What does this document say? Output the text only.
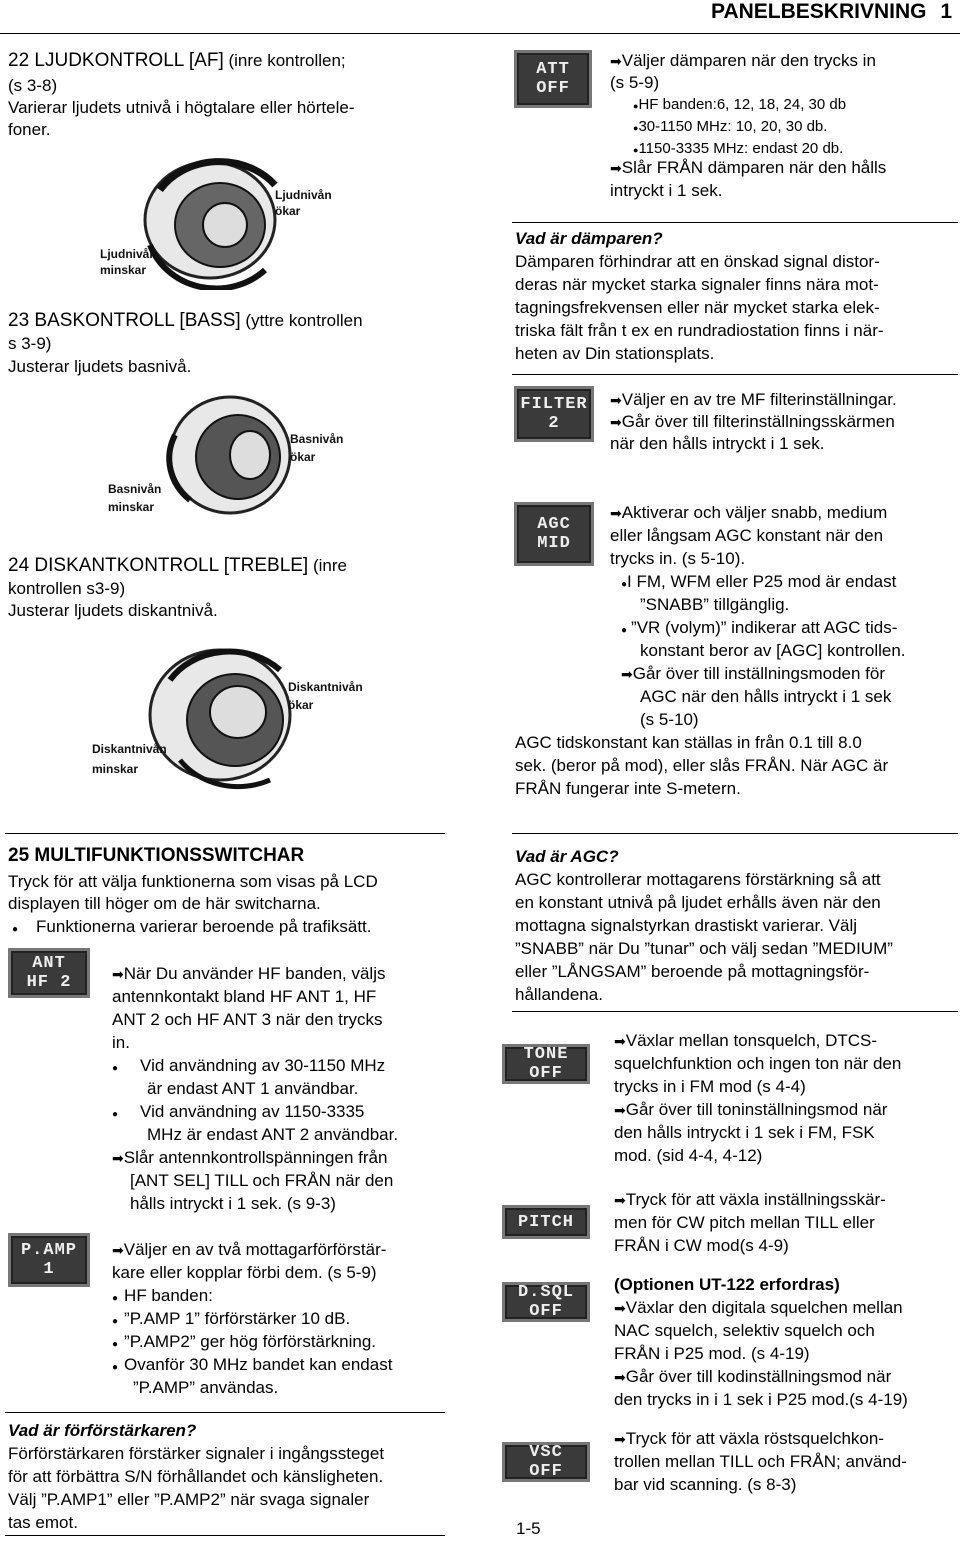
PANELBESKRIVNING 1
22 LJUDKONTROLL [AF] (inre kontrollen;
(s 3-8)
Varierar ljudets utnivå i högtalare eller hörtele-
foner.
Ljudnivån
ökar
Ljudnivån
minskar
23 BASKONTROLL [BASS] (yttre kontrollen
s 3-9)
Justerar ljudets basnivå.
Basnivån
ökar
Basnivån
minskar
24 DISKANTKONTROLL [TREBLE] (inre
kontrollen s3-9)
Justerar ljudets diskantnivå.
Diskantnivån
ökar
Diskantnivån
minskar
25 MULTIFUNKTIONSSWITCHAR
Tryck för att välja funktionerna som visas på LCD
displayen till höger om de här switcharna.
● Funktionerna varierar beroende på trafiksätt.
ANT
HF 2	➡När Du använder HF banden, väljs
antennkontakt bland HF ANT 1, HF
ANT 2 och HF ANT 3 när den trycks
in.
● Vid användning av 30-1150 MHz
är endast ANT 1 användbar.
● Vid användning av 1150-3335
MHz är endast ANT 2 användbar.
➡Slår antennkontrollspänningen från
[ANT SEL] TILL och FRÅN när den
hålls intryckt i 1 sek. (s 9-3)
P.AMP
1
➡Väljer en av två mottagarförförstär-
kare eller kopplar förbi dem. (s 5-9)
● HF banden:
● ”P.AMP 1” förförstärker 10 dB.
● ”P.AMP2” ger hög förförstärkning.
● Ovanför 30 MHz bandet kan endast
”P.AMP” användas.
Vad är förförstärkaren?
Förförstärkaren förstärker signaler i ingångssteget
för att förbättra S/N förhållandet och känsligheten.
Välj ”P.AMP1” eller ”P.AMP2” när svaga signaler
tas emot.
ATT
OFF
➡Väljer dämparen när den trycks in
(s 5-9)
●HF banden:6, 12, 18, 24, 30 db
●30-1150 MHz: 10, 20, 30 db.
●1150-3335 MHz: endast 20 db.
➡Slår FRÅN dämparen när den hålls
intryckt i 1 sek.
Vad är dämparen?
Dämparen förhindrar att en önskad signal distor-
deras när mycket starka signaler finns nära mot-
tagningsfrekvensen eller när mycket starka elek-
triska fält från t ex en rundradiostation finns i när-
heten av Din stationsplats.
FILTER
2
➡Väljer en av tre MF filterinställningar.
➡Går över till filterinställningsskärmen
när den hålls intryckt i 1 sek.
AGC
MID
➡Aktiverar och väljer snabb, medium
eller långsam AGC konstant när den
trycks in. (s 5-10).
●I FM, WFM eller P25 mod är endast
”SNABB” tillgänglig.
● ”VR (volym)” indikerar att AGC tids-
konstant beror av [AGC] kontrollen.
➡Går över till inställningsmoden för
AGC när den hålls intryckt i 1 sek
(s 5-10)
AGC tidskonstant kan ställas in från 0.1 till 8.0
sek. (beror på mod), eller slås FRÅN. När AGC är
FRÅN fungerar inte S-metern.
Vad är AGC?
AGC kontrollerar mottagarens förstärkning så att
en konstant utnivå på ljudet erhålls även när den
mottagna signalstyrkan drastiskt varierar. Välj
”SNABB” när Du ”tunar” och välj sedan ”MEDIUM”
eller ”LÅNGSAM” beroende på mottagningsför-
hållandena.
TONE
OFF
➡Växlar mellan tonsquelch, DTCS-
squelchfunktion och ingen ton när den
trycks in i FM mod (s 4-4)
➡Går över till toninställningsmod när
den hålls intryckt i 1 sek i FM, FSK
mod. (sid 4-4, 4-12)
PITCH
➡Tryck för att växla inställningsskär-
men för CW pitch mellan TILL eller
FRÅN i CW mod(s 4-9)
D.SQL
OFF
(Optionen UT-122 erfordras)
➡Växlar den digitala squelchen mellan
NAC squelch, selektiv squelch och
FRÅN i P25 mod. (s 4-19)
➡Går över till kodinställningsmod när
den trycks in i 1 sek i P25 mod.(s 4-19)
VSC
OFF
➡Tryck för att växla röstsquelchkon-
trollen mellan TILL och FRÅN; använd-
bar vid scanning. (s 8-3)
1-5
